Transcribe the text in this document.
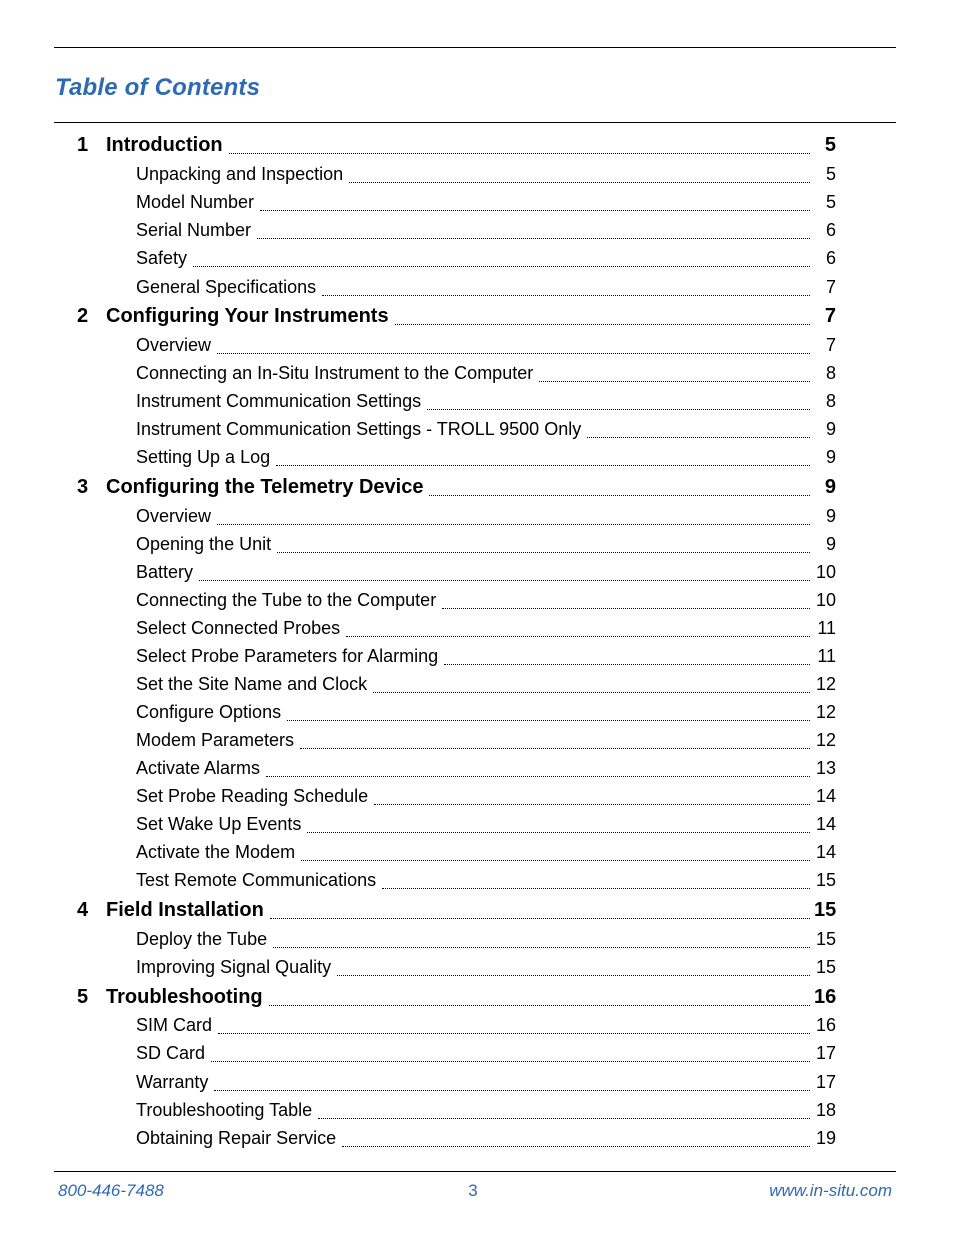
Table of Contents
1 Introduction	5
Unpacking and Inspection	5
Model Number	5
Serial Number	6
Safety	6
General Specifications	7
2 Configuring Your Instruments	7
Overview	7
Connecting an In-Situ Instrument to the Computer	8
Instrument Communication Settings	8
Instrument Communication Settings - TROLL 9500 Only	9
Setting Up a Log	9
3 Configuring the Telemetry Device	9
Overview	9
Opening the Unit	9
Battery	10
Connecting the Tube to the Computer	10
Select Connected Probes	11
Select Probe Parameters for Alarming	11
Set the Site Name and Clock	12
Configure Options	12
Modem Parameters	12
Activate Alarms	13
Set Probe Reading Schedule	14
Set Wake Up Events	14
Activate the Modem	14
Test Remote Communications	15
4 Field Installation	15
Deploy the Tube	15
Improving Signal Quality	15
5 Troubleshooting	16
SIM Card	16
SD Card	17
Warranty	17
Troubleshooting Table	18
Obtaining Repair Service	19
800-446-7488	3	www.in-situ.com
